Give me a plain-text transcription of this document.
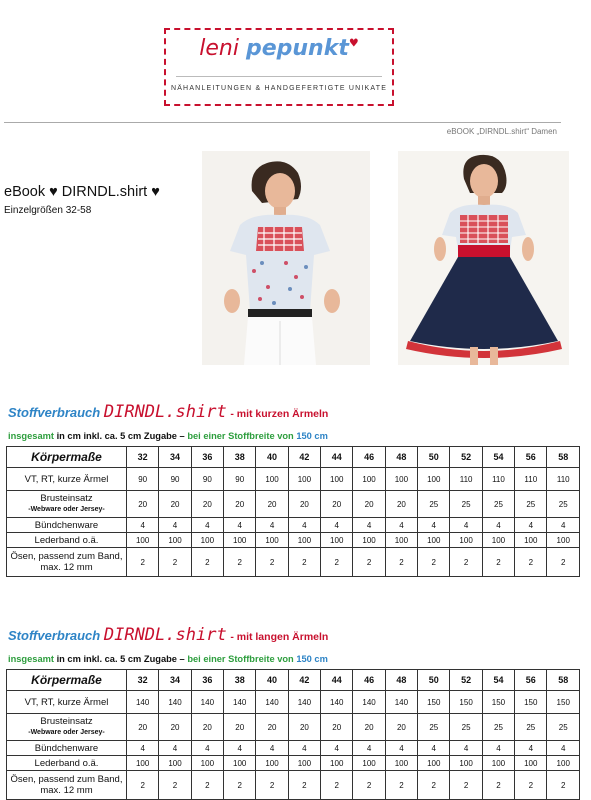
leni pepunkt♥
NÄHANLEITUNGEN & HANDGEFERTIGTE UNIKATE
eBOOK „DIRNDL.shirt“ Damen
eBook ♥ DIRNDL.shirt ♥
Einzelgrößen 32-58
Stoffverbrauch DIRNDL.shirt - mit kurzen Ärmeln
insgesamt in cm inkl. ca. 5 cm Zugabe – bei einer Stoffbreite von 150 cm
Körpermaße	32	34	36	38	40	42	44	46	48	50	52	54	56	58

VT, RT, kurze Ärmel	90	90	90	90	100	100	100	100	100	100	110	110	110	110

Brusteinsatz
-Webware oder Jersey-	20	20	20	20	20	20	20	20	20	25	25	25	25	25

Bündchenware	4	4	4	4	4	4	4	4	4	4	4	4	4	4

Lederband o.ä.	100	100	100	100	100	100	100	100	100	100	100	100	100	100

Ösen, passend zum Band, max. 12 mm	2	2	2	2	2	2	2	2	2	2	2	2	2	2
Stoffverbrauch DIRNDL.shirt - mit langen Ärmeln
insgesamt in cm inkl. ca. 5 cm Zugabe – bei einer Stoffbreite von 150 cm
Körpermaße	32	34	36	38	40	42	44	46	48	50	52	54	56	58

VT, RT, kurze Ärmel	140	140	140	140	140	140	140	140	140	150	150	150	150	150

Brusteinsatz
-Webware oder Jersey-	20	20	20	20	20	20	20	20	20	25	25	25	25	25

Bündchenware	4	4	4	4	4	4	4	4	4	4	4	4	4	4

Lederband o.ä.	100	100	100	100	100	100	100	100	100	100	100	100	100	100

Ösen, passend zum Band, max. 12 mm	2	2	2	2	2	2	2	2	2	2	2	2	2	2
